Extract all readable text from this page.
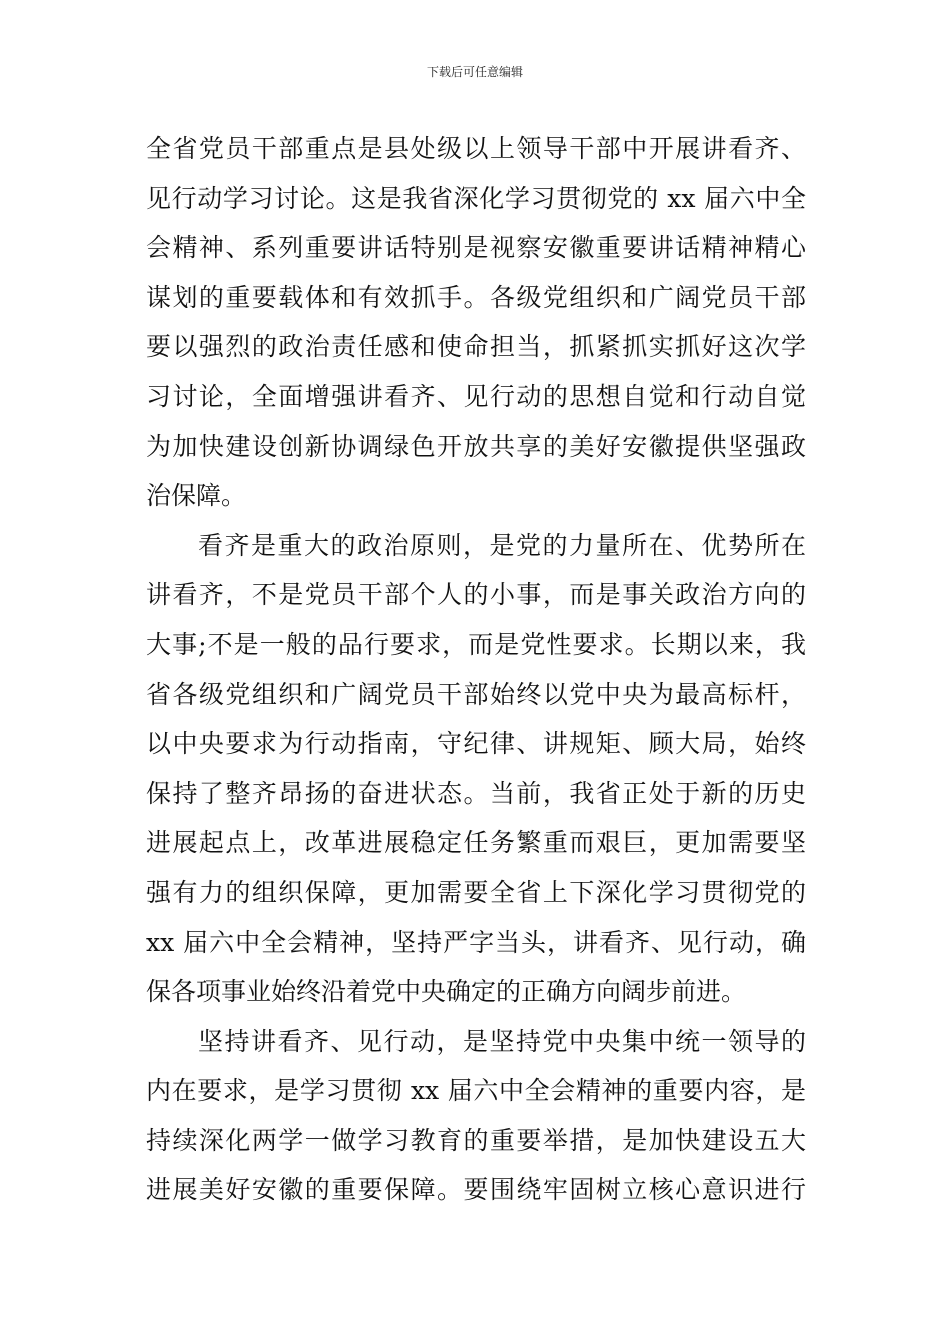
下载后可任意编辑
全省党员干部重点是县处级以上领导干部中开展讲看齐、
见行动学习讨论。这是我省深化学习贯彻党的 xx 届六中全
会精神、系列重要讲话特别是视察安徽重要讲话精神精心
谋划的重要载体和有效抓手。各级党组织和广阔党员干部
要以强烈的政治责任感和使命担当，抓紧抓实抓好这次学
习讨论，全面增强讲看齐、见行动的思想自觉和行动自觉
为加快建设创新协调绿色开放共享的美好安徽提供坚强政
治保障。
看齐是重大的政治原则，是党的力量所在、优势所在
讲看齐，不是党员干部个人的小事，而是事关政治方向的
大事;不是一般的品行要求，而是党性要求。长期以来，我
省各级党组织和广阔党员干部始终以党中央为最高标杆，
以中央要求为行动指南，守纪律、讲规矩、顾大局，始终
保持了整齐昂扬的奋进状态。当前，我省正处于新的历史
进展起点上，改革进展稳定任务繁重而艰巨，更加需要坚
强有力的组织保障，更加需要全省上下深化学习贯彻党的
xx 届六中全会精神，坚持严字当头，讲看齐、见行动，确
保各项事业始终沿着党中央确定的正确方向阔步前进。
坚持讲看齐、见行动，是坚持党中央集中统一领导的
内在要求，是学习贯彻 xx 届六中全会精神的重要内容，是
持续深化两学一做学习教育的重要举措，是加快建设五大
进展美好安徽的重要保障。要围绕牢固树立核心意识进行
